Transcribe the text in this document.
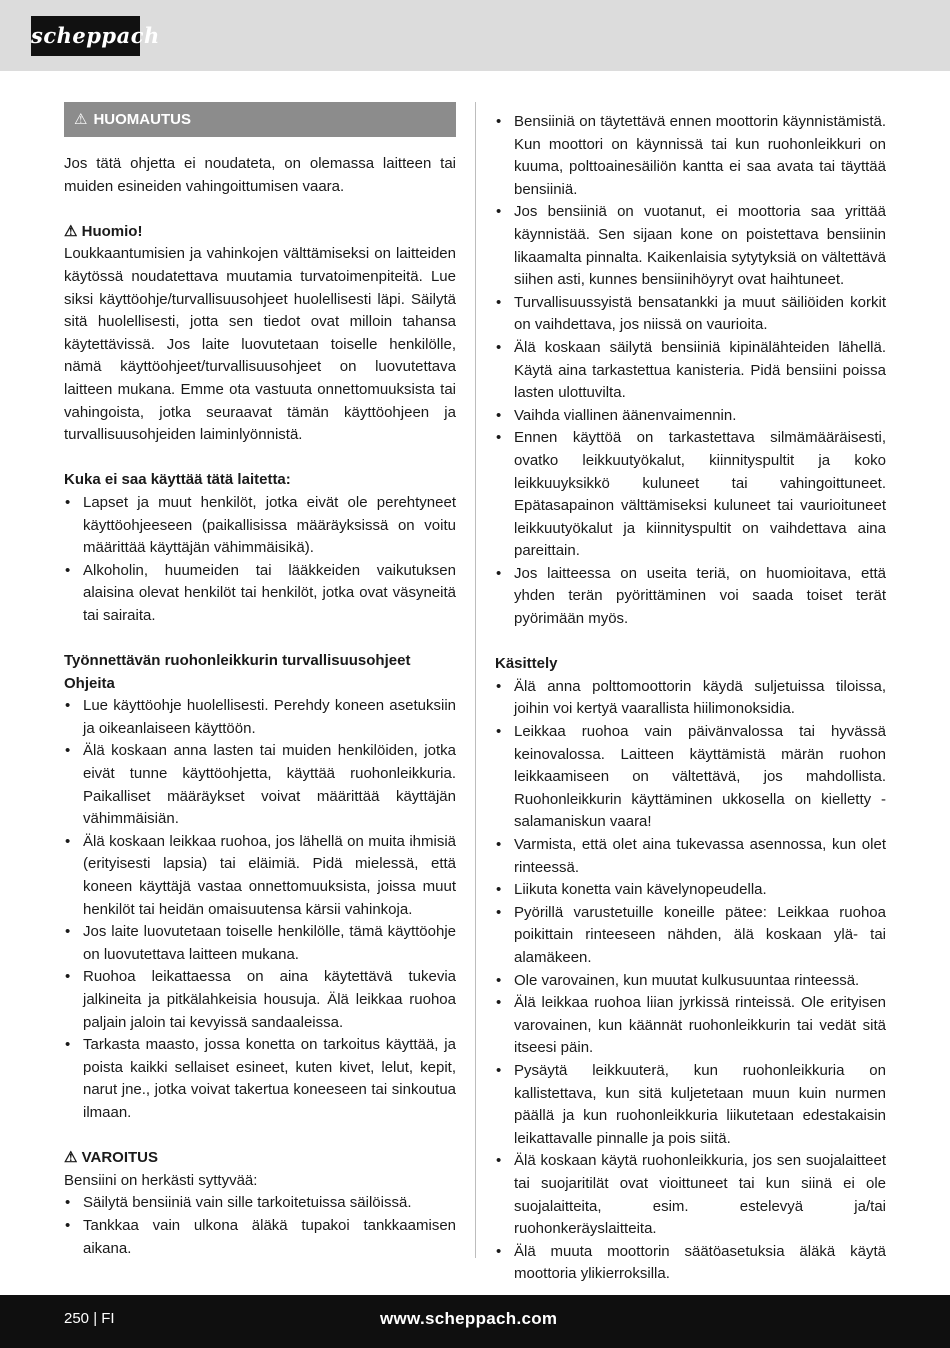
scheppach
⚠ HUOMAUTUS

Jos tätä ohjetta ei noudateta, on olemassa laitteen tai muiden esineiden vahingoittumisen vaara.

⚠ Huomio!

Loukkaantumisien ja vahinkojen välttämiseksi on laitteiden käytössä noudatettava muutamia turvatoimenpiteitä. Lue siksi käyttöohje/turvallisuusohjeet huolellisesti läpi. Säilytä sitä huolellisesti, jotta sen tiedot ovat milloin tahansa käytettävissä. Jos laite luovutetaan toiselle henkilölle, nämä käyttöohjeet/turvallisuusohjeet on luovutettava laitteen mukana. Emme ota vastuuta onnettomuuksista tai vahingoista, jotka seuraavat tämän käyttöohjeen ja turvallisuusohjeiden laiminlyönnistä.

Kuka ei saa käyttää tätä laitetta:
• Lapset ja muut henkilöt, jotka eivät ole perehtyneet käyttöohjeeseen (paikallisissa määräyksissä on voitu määrittää käyttäjän vähimmäisikä).
• Alkoholin, huumeiden tai lääkkeiden vaikutuksen alaisina olevat henkilöt tai henkilöt, jotka ovat väsyneitä tai sairaita.
Työnnettävän ruohonleikkurin turvallisuusohjeet
Ohjeita
• Lue käyttöohje huolellisesti. Perehdy koneen asetuksiin ja oikeanlaiseen käyttöön.
• Älä koskaan anna lasten tai muiden henkilöiden, jotka eivät tunne käyttöohjetta, käyttää ruohonleikkuria. Paikalliset määräykset voivat määrittää käyttäjän vähimmäisiän.
• Älä koskaan leikkaa ruohoa, jos lähellä on muita ihmisiä (erityisesti lapsia) tai eläimiä. Pidä mielessä, että koneen käyttäjä vastaa onnettomuuksista, joissa muut henkilöt tai heidän omaisuutensa kärsii vahinkoja.
• Jos laite luovutetaan toiselle henkilölle, tämä käyttöohje on luovutettava laitteen mukana.
• Ruohoa leikattaessa on aina käytettävä tukevia jalkineita ja pitkälahkeisia housuja. Älä leikkaa ruohoa paljain jaloin tai kevyissä sandaaleissa.
• Tarkasta maasto, jossa konetta on tarkoitus käyttää, ja poista kaikki sellaiset esineet, kuten kivet, lelut, kepit, narut jne., jotka voivat takertua koneeseen tai sinkoutua ilmaan.
⚠ VAROITUS

Bensiini on herkästi syttyvää:

• Säilytä bensiiniä vain sille tarkoitetuissa säilöissä.
• Tankkaa vain ulkona äläkä tupakoi tankkaamisen aikana.
• Bensiiniä on täytettävä ennen moottorin käynnistämistä. Kun moottori on käynnissä tai kun ruohonleikkuri on kuuma, polttoainesäiliön kantta ei saa avata tai täyttää bensiiniä.
• Jos bensiiniä on vuotanut, ei moottoria saa yrittää käynnistää. Sen sijaan kone on poistettava bensiinin likaamalta pinnalta. Kaikenlaisia sytytyksiä on vältettävä siihen asti, kunnes bensiinihöyryt ovat haihtuneet.
• Turvallisuussyistä bensatankki ja muut säiliöiden korkit on vaihdettava, jos niissä on vaurioita.
• Älä koskaan säilytä bensiiniä kipinälähteiden lähellä. Käytä aina tarkastettua kanisteria. Pidä bensiini poissa lasten ulottuvilta.
• Vaihda viallinen äänenvaimennin.
• Ennen käyttöä on tarkastettava silmämääräisesti, ovatko leikkuutyökalut, kiinnityspultit ja koko leikkuuyksikkö kuluneet tai vahingoittuneet. Epätasapainon välttämiseksi kuluneet tai vaurioituneet leikkuutyökalut ja kiinnityspultit on vaihdettava aina pareittain.
• Jos laitteessa on useita teriä, on huomioitava, että yhden terän pyörittäminen voi saada toiset terät pyörimään myös.
Käsittely
• Älä anna polttomoottorin käydä suljetuissa tiloissa, joihin voi kertyä vaarallista hiilimonoksidia.
• Leikkaa ruohoa vain päivänvalossa tai hyvässä keinovalossa. Laitteen käyttämistä märän ruohon leikkaamiseen on vältettävä, jos mahdollista. Ruohonleikkurin käyttäminen ukkosella on kielletty - salamaniskun vaara!
• Varmista, että olet aina tukevassa asennossa, kun olet rinteessä.
• Liikuta konetta vain kävelynopeudella.
• Pyörillä varustetuille koneille pätee: Leikkaa ruohoa poikittain rinteeseen nähden, älä koskaan ylä- tai alamäkeen.
• Ole varovainen, kun muutat kulkusuuntaa rinteessä.
• Älä leikkaa ruohoa liian jyrkissä rinteissä. Ole erityisen varovainen, kun käännät ruohonleikkurin tai vedät sitä itseesi päin.
• Pysäytä leikkuuterä, kun ruohonleikkuria on kallistettava, kun sitä kuljetetaan muun kuin nurmen päällä ja kun ruohonleikkuria liikutetaan edestakaisin leikattavalle pinnalle ja pois siitä.
• Älä koskaan käytä ruohonleikkuria, jos sen suojalaitteet tai suojaritilät ovat vioittuneet tai kun siinä ei ole suojalaitteita, esim. estelevyä ja/tai ruohonkeräyslaitteita.
• Älä muuta moottorin säätöasetuksia äläkä käytä moottoria ylikierroksilla.
250 | FI	www.scheppach.com
